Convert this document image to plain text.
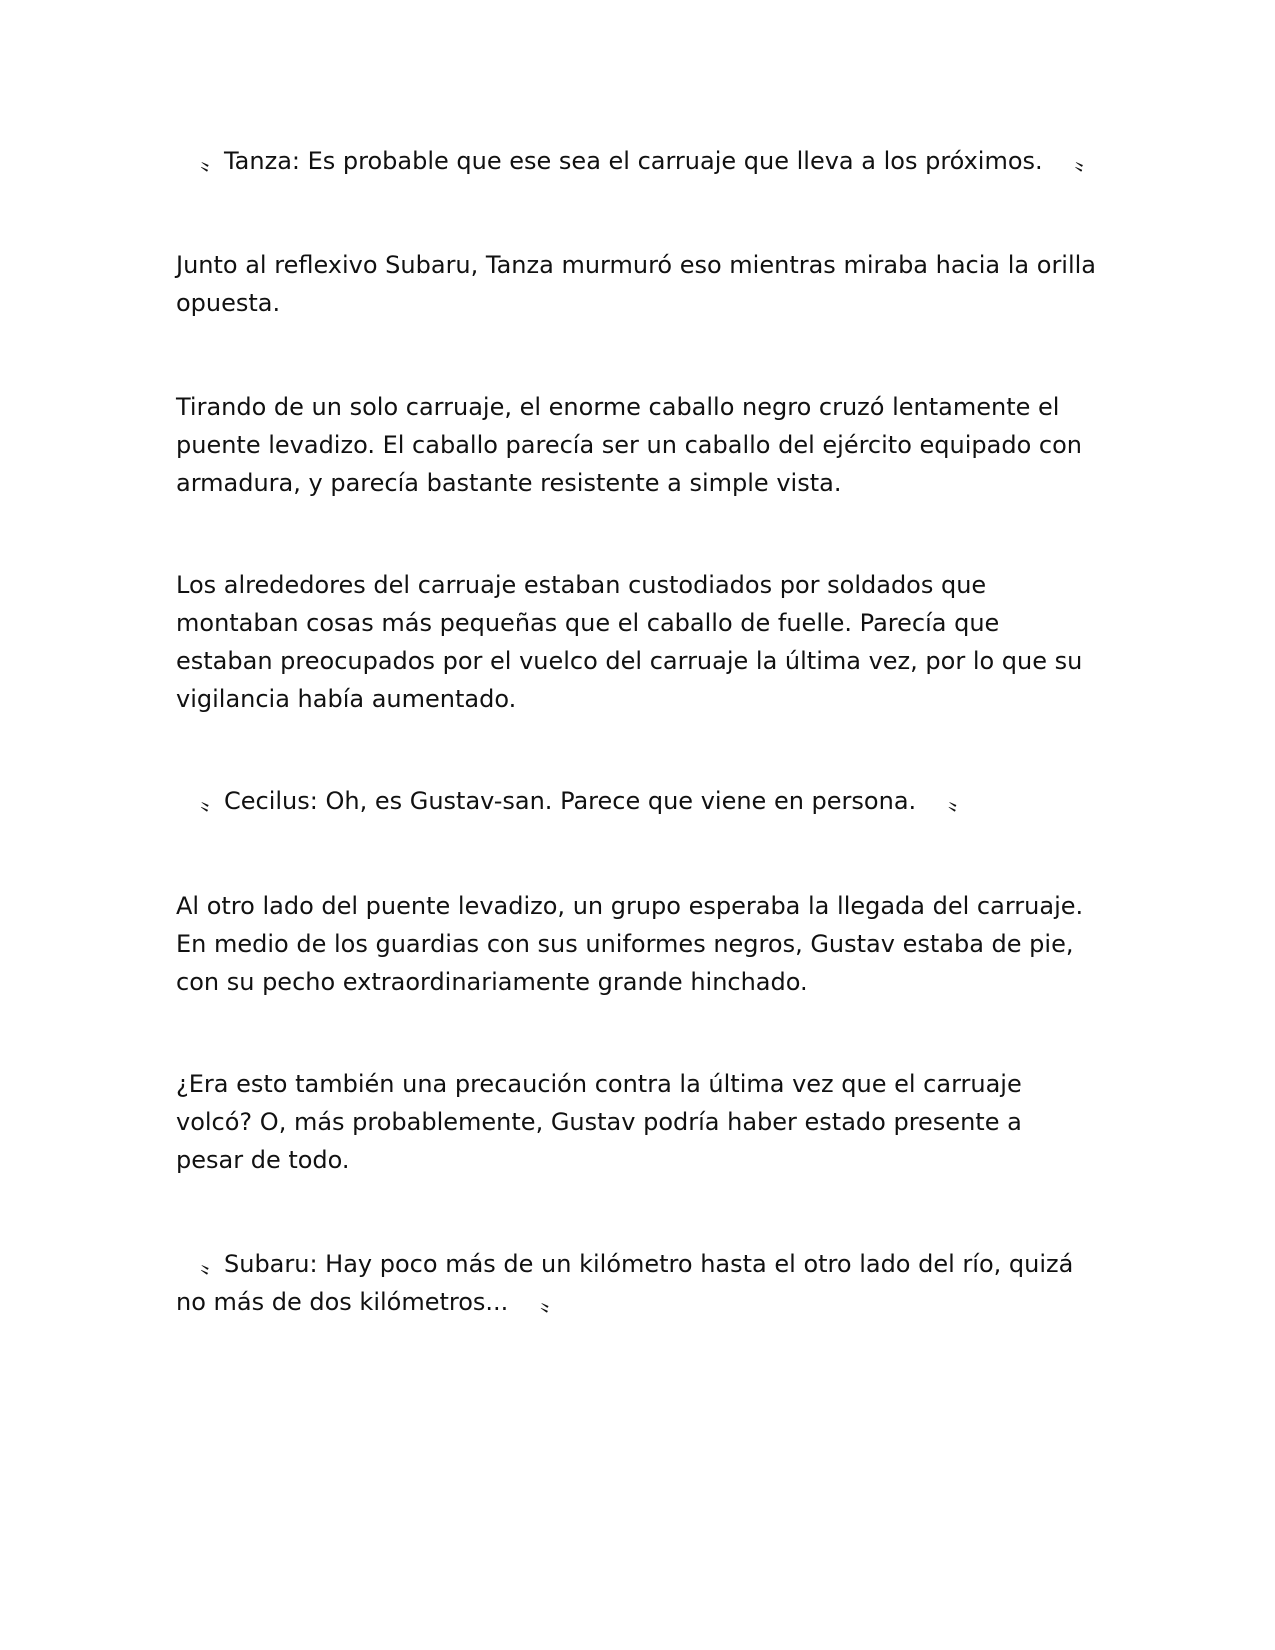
　〟Tanza: Es probable que ese sea el carruaje que lleva a los próximos. 　〟

Junto al reflexivo Subaru, Tanza murmuró eso mientras miraba hacia la orilla opuesta.

Tirando de un solo carruaje, el enorme caballo negro cruzó lentamente el puente levadizo. El caballo parecía ser un caballo del ejército equipado con armadura, y parecía bastante resistente a simple vista.

Los alrededores del carruaje estaban custodiados por soldados que montaban cosas más pequeñas que el caballo de fuelle. Parecía que estaban preocupados por el vuelco del carruaje la última vez, por lo que su vigilancia había aumentado.

　〟Cecilus: Oh, es Gustav-san. Parece que viene en persona. 　〟

Al otro lado del puente levadizo, un grupo esperaba la llegada del carruaje. En medio de los guardias con sus uniformes negros, Gustav estaba de pie, con su pecho extraordinariamente grande hinchado.

¿Era esto también una precaución contra la última vez que el carruaje volcó? O, más probablemente, Gustav podría haber estado presente a pesar de todo.

　〟Subaru: Hay poco más de un kilómetro hasta el otro lado del río, quizá no más de dos kilómetros... 　〟
